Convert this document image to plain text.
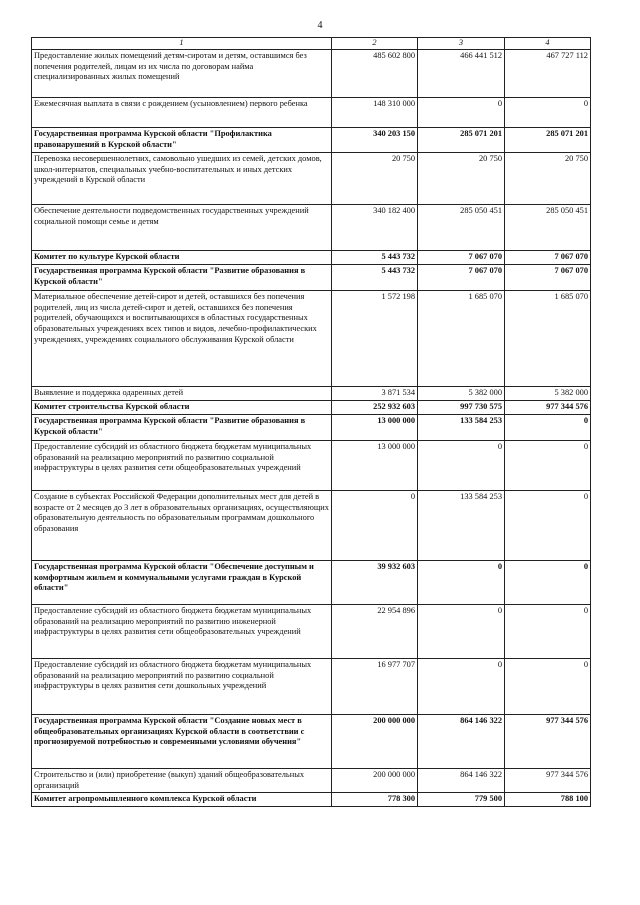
4
1	2	3	4
Предоставление жилых помещений детям-сиротам и детям, оставшимся без попечения родителей, лицам из их числа по договорам найма специализированных жилых помещений	485 602 800	466 441 512	467 727 112
Ежемесячная выплата в связи с рождением (усыновлением) первого ребенка	148 310 000	0	0
Государственная программа Курской области "Профилактика правонарушений в Курской области"	340 203 150	285 071 201	285 071 201
Перевозка несовершеннолетних, самовольно ушедших из семей, детских домов, школ-интернатов, специальных учебно-воспитательных и иных детских учреждений в Курской области	20 750	20 750	20 750
Обеспечение деятельности подведомственных государственных учреждений социальной помощи семье и детям	340 182 400	285 050 451	285 050 451
Комитет по культуре Курской области	5 443 732	7 067 070	7 067 070
Государственная программа Курской области "Развитие образования в Курской области"	5 443 732	7 067 070	7 067 070
Материальное обеспечение детей-сирот и детей, оставшихся без попечения родителей, лиц из числа детей-сирот и детей, оставшихся без попечения родителей, обучающихся и воспитывающихся в областных государственных образовательных учреждениях всех типов и видов, лечебно-профилактических учреждениях, учреждениях социального обслуживания Курской области	1 572 198	1 685 070	1 685 070
Выявление и поддержка одаренных детей	3 871 534	5 382 000	5 382 000
Комитет строительства Курской области	252 932 603	997 730 575	977 344 576
Государственная программа Курской области "Развитие образования в Курской области"	13 000 000	133 584 253	0
Предоставление субсидий из областного бюджета бюджетам муниципальных образований на реализацию мероприятий по развитию социальной инфраструктуры в целях развития сети общеобразовательных учреждений	13 000 000	0	0
Создание в субъектах Российской Федерации дополнительных мест для детей в возрасте от 2 месяцев до 3 лет в образовательных организациях, осуществляющих образовательную деятельность по образовательным программам дошкольного образования	0	133 584 253	0
Государственная программа Курской области "Обеспечение доступным и комфортным жильем и коммунальными услугами граждан в Курской области"	39 932 603	0	0
Предоставление субсидий из областного бюджета бюджетам муниципальных образований на реализацию мероприятий по развитию инженерной инфраструктуры в целях развития сети общеобразовательных учреждений	22 954 896	0	0
Предоставление субсидий из областного бюджета бюджетам муниципальных образований на реализацию мероприятий по развитию социальной инфраструктуры в целях развития сети дошкольных учреждений	16 977 707	0	0
Государственная программа Курской области "Создание новых мест в общеобразовательных организациях Курской области в соответствии с прогнозируемой потребностью и современными условиями обучения"	200 000 000	864 146 322	977 344 576
Строительство и (или) приобретение (выкуп) зданий общеобразовательных организаций	200 000 000	864 146 322	977 344 576
Комитет агропромышленного комплекса Курской области	778 300	779 500	788 100
